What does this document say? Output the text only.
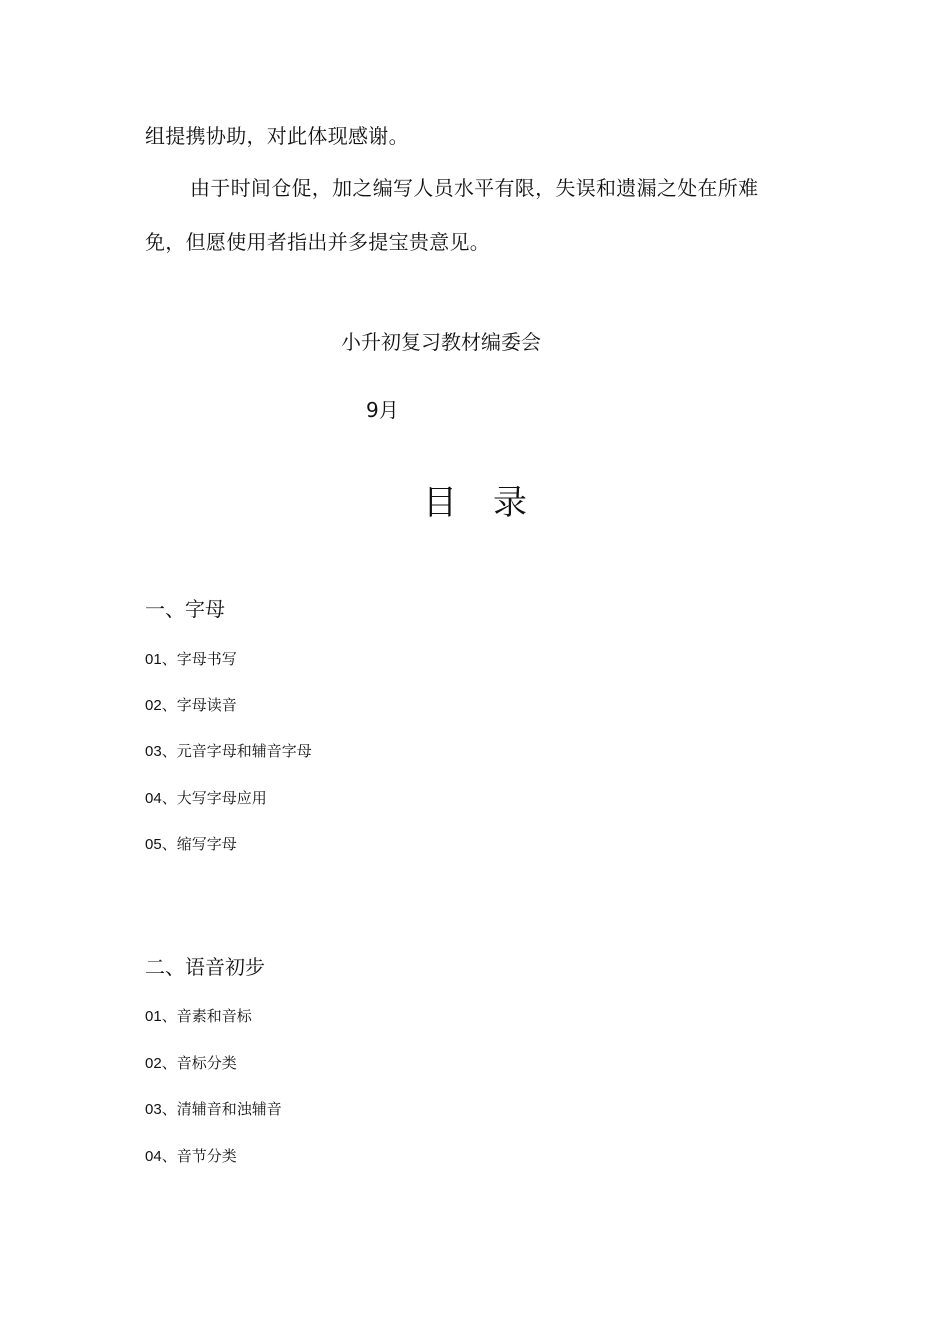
组提携协助，对此体现感谢。
由于时间仓促，加之编写人员水平有限，失误和遗漏之处在所难
免，但愿使用者指出并多提宝贵意见。
小升初复习教材编委会
9月
目录
一、字母
01、字母书写
02、字母读音
03、元音字母和辅音字母
04、大写字母应用
05、缩写字母
二、语音初步
01、音素和音标
02、音标分类
03、清辅音和浊辅音
04、音节分类
